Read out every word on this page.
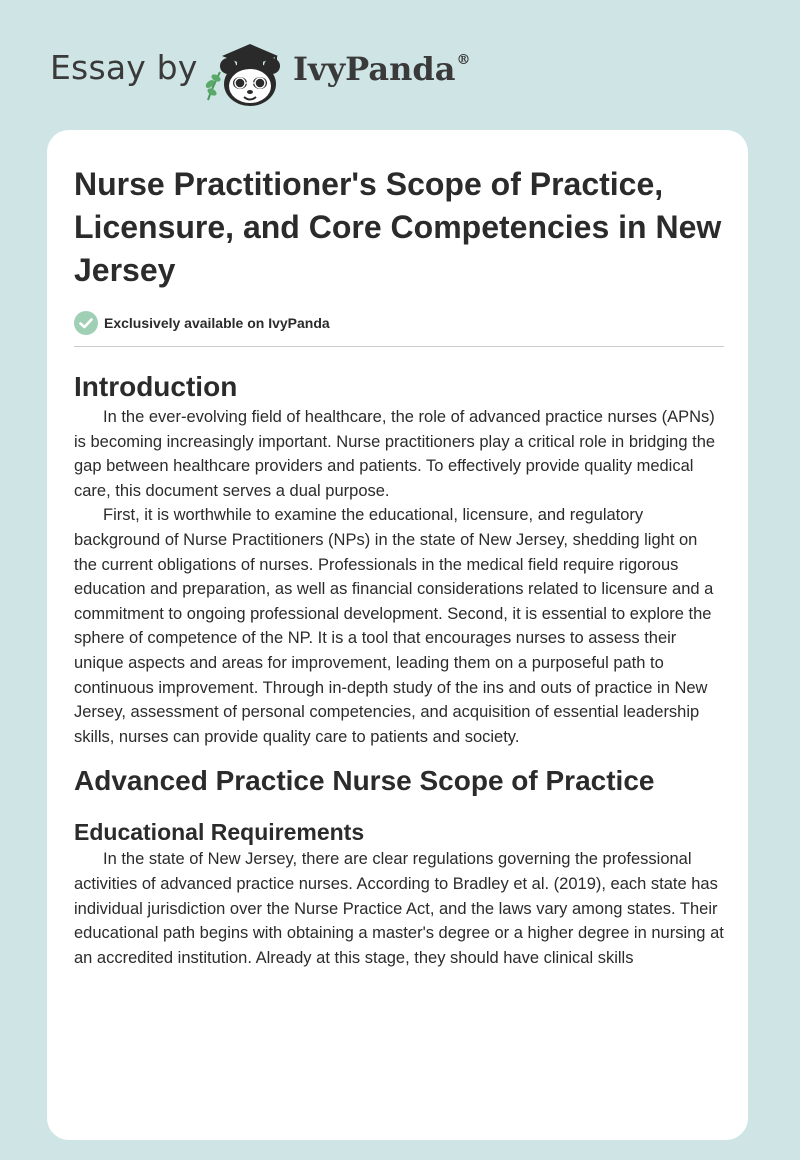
Essay by	IvyPanda®
Nurse Practitioner's Scope of Practice, Licensure, and Core Competencies in New Jersey
Exclusively available on IvyPanda
Introduction

In the ever-evolving field of healthcare, the role of advanced practice nurses (APNs) is becoming increasingly important. Nurse practitioners play a critical role in bridging the gap between healthcare providers and patients. To effectively provide quality medical care, this document serves a dual purpose.

First, it is worthwhile to examine the educational, licensure, and regulatory background of Nurse Practitioners (NPs) in the state of New Jersey, shedding light on the current obligations of nurses. Professionals in the medical field require rigorous education and preparation, as well as financial considerations related to licensure and a commitment to ongoing professional development. Second, it is essential to explore the sphere of competence of the NP. It is a tool that encourages nurses to assess their unique aspects and areas for improvement, leading them on a purposeful path to continuous improvement. Through in-depth study of the ins and outs of practice in New Jersey, assessment of personal competencies, and acquisition of essential leadership skills, nurses can provide quality care to patients and society.

Advanced Practice Nurse Scope of Practice
Educational Requirements

In the state of New Jersey, there are clear regulations governing the professional activities of advanced practice nurses. According to Bradley et al. (2019), each state has individual jurisdiction over the Nurse Practice Act, and the laws vary among states. Their educational path begins with obtaining a master's degree or a higher degree in nursing at an accredited institution. Already at this stage, they should have clinical skills
